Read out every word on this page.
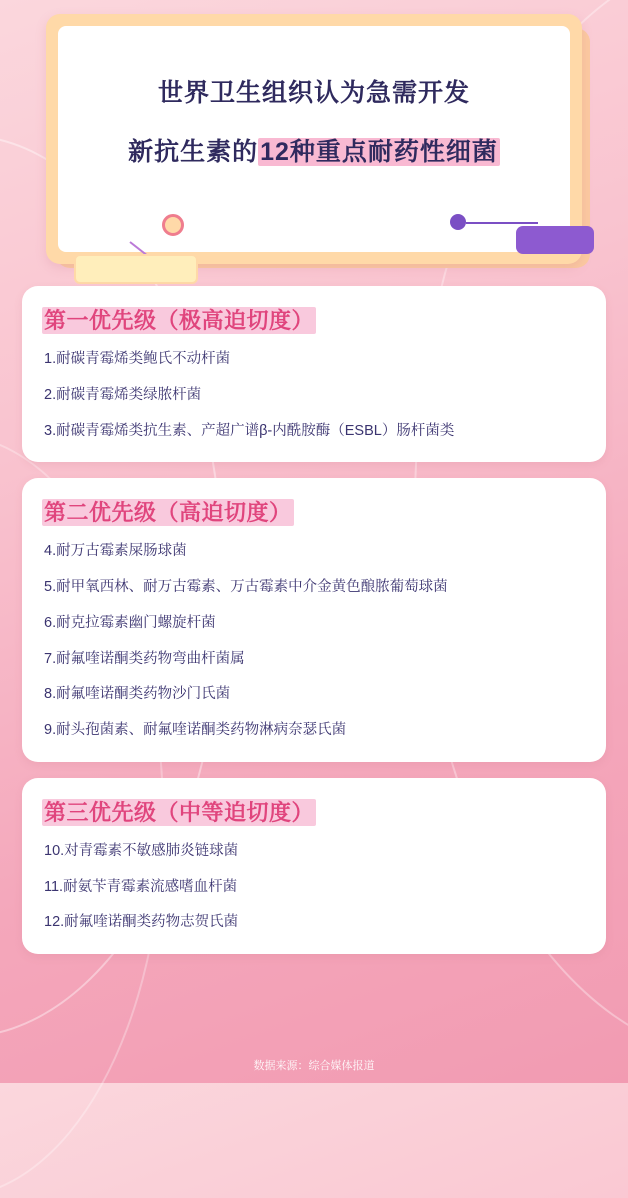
世界卫生组织认为急需开发
新抗生素的12种重点耐药性细菌
第一优先级（极高迫切度）
1.耐碳青霉烯类鲍氏不动杆菌
2.耐碳青霉烯类绿脓杆菌
3.耐碳青霉烯类抗生素、产超广谱β-内酰胺酶（ESBL）肠杆菌类
第二优先级（高迫切度）
4.耐万古霉素屎肠球菌
5.耐甲氧西林、耐万古霉素、万古霉素中介金黄色酿脓葡萄球菌
6.耐克拉霉素幽门螺旋杆菌
7.耐氟喹诺酮类药物弯曲杆菌属
8.耐氟喹诺酮类药物沙门氏菌
9.耐头孢菌素、耐氟喹诺酮类药物淋病奈瑟氏菌
第三优先级（中等迫切度）
10.对青霉素不敏感肺炎链球菌
11.耐氨苄青霉素流感嗜血杆菌
12.耐氟喹诺酮类药物志贺氏菌
数据来源：综合媒体报道
